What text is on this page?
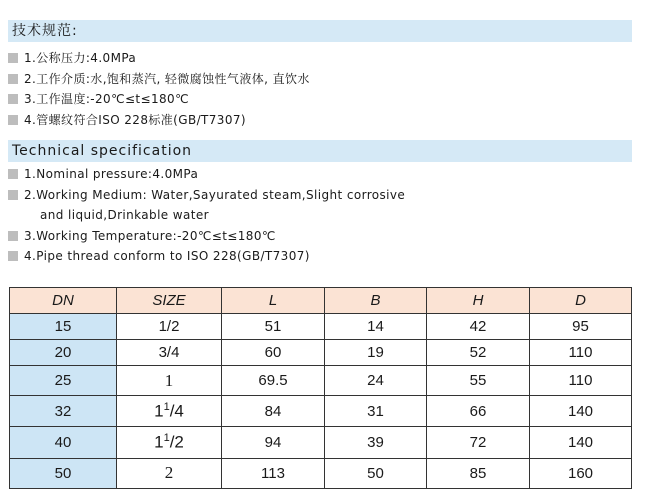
技术规范:
1.公称压力:4.0MPa
2.工作介质:水,饱和蒸汽, 轻微腐蚀性气液体, 直饮水
3.工作温度:-20℃≤t≤180℃
4.管螺纹符合ISO 228标准(GB/T7307)
Technical specification
1.Nominal pressure:4.0MPa
2.Working Medium: Water,Sayurated steam,Slight corrosive
and liquid,Drinkable water
3.Working Temperature:-20℃≤t≤180℃
4.Pipe thread conform to ISO 228(GB/T7307)
DN	SIZE	L	B	H	D
15	1/2	51	14	42	95
20	3/4	60	19	52	110
25	1	69.5	24	55	110
32	$1^1/4$	84	31	66	140
40	$1^1/2$	94	39	72	140
50	2	113	50	85	160
